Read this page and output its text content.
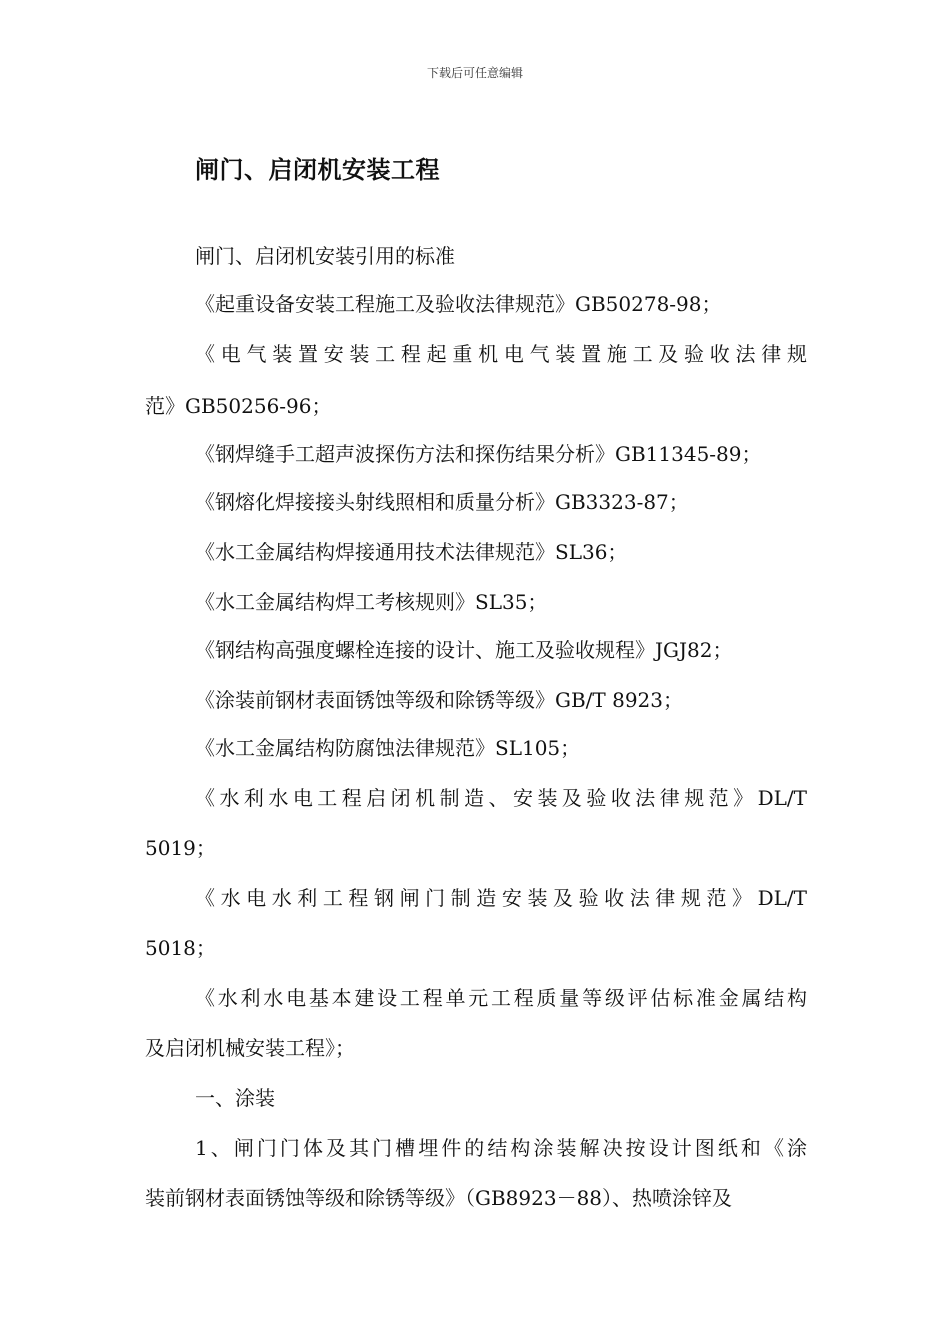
下载后可任意编辑
闸门、启闭机安装工程

闸门、启闭机安装引用的标准

《起重设备安装工程施工及验收法律规范》GB50278-98；

《电气装置安装工程起重机电气装置施工及验收法律规

范》GB50256-96；

《钢焊缝手工超声波探伤方法和探伤结果分析》GB11345-89；

《钢熔化焊接接头射线照相和质量分析》GB3323-87；

《水工金属结构焊接通用技术法律规范》SL36；

《水工金属结构焊工考核规则》SL35；

《钢结构高强度螺栓连接的设计、施工及验收规程》JGJ82；

《涂装前钢材表面锈蚀等级和除锈等级》GB/T 8923；

《水工金属结构防腐蚀法律规范》SL105；

《水利水电工程启闭机制造、安装及验收法律规范》DL/T

5019；

《水电水利工程钢闸门制造安装及验收法律规范》DL/T

5018；

《水利水电基本建设工程单元工程质量等级评估标准金属结构

及启闭机械安装工程》；

一、涂装

1、闸门门体及其门槽埋件的结构涂装解决按设计图纸和《涂

装前钢材表面锈蚀等级和除锈等级》（GB8923－88）、热喷涂锌及
